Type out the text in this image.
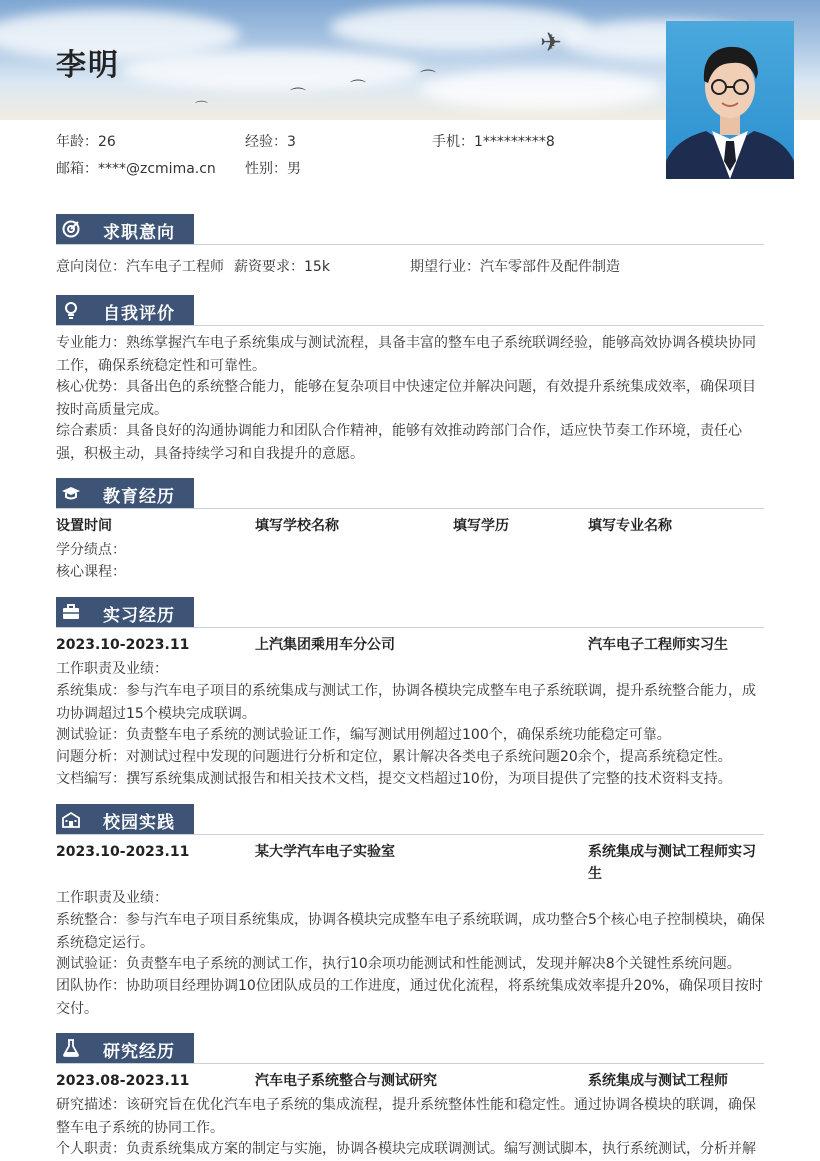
✈
⌒
⌒
⌒
⌒
李明
年龄：26	经验：3	手机：1*********8
邮箱：****@zcmima.cn 性别：男
求职意向
意向岗位：汽车电子工程师 薪资要求：15k	期望行业：汽车零部件及配件制造
自我评价
专业能力：熟练掌握汽车电子系统集成与测试流程，具备丰富的整车电子系统联调经验，能够高效协调各模块协同工作，确保系统稳定性和可靠性。
核心优势：具备出色的系统整合能力，能够在复杂项目中快速定位并解决问题，有效提升系统集成效率，确保项目按时高质量完成。
综合素质：具备良好的沟通协调能力和团队合作精神，能够有效推动跨部门合作，适应快节奏工作环境，责任心强，积极主动，具备持续学习和自我提升的意愿。
教育经历
设置时间	填写学校名称	填写学历	填写专业名称
学分绩点：
核心课程：
实习经历
2023.10-2023.11	上汽集团乘用车分公司	汽车电子工程师实习生
工作职责及业绩：
系统集成：参与汽车电子项目的系统集成与测试工作，协调各模块完成整车电子系统联调，提升系统整合能力，成功协调超过15个模块完成联调。
测试验证：负责整车电子系统的测试验证工作，编写测试用例超过100个，确保系统功能稳定可靠。
问题分析：对测试过程中发现的问题进行分析和定位，累计解决各类电子系统问题20余个，提高系统稳定性。
文档编写：撰写系统集成测试报告和相关技术文档，提交文档超过10份，为项目提供了完整的技术资料支持。
校园实践
2023.10-2023.11	某大学汽车电子实验室	系统集成与测试工程师实习生
工作职责及业绩：
系统整合：参与汽车电子项目系统集成，协调各模块完成整车电子系统联调，成功整合5个核心电子控制模块，确保系统稳定运行。
测试验证：负责整车电子系统的测试工作，执行10余项功能测试和性能测试，发现并解决8个关键性系统问题。
团队协作：协助项目经理协调10位团队成员的工作进度，通过优化流程，将系统集成效率提升20%，确保项目按时交付。
研究经历
2023.08-2023.11	汽车电子系统整合与测试研究	系统集成与测试工程师
研究描述：该研究旨在优化汽车电子系统的集成流程，提升系统整体性能和稳定性。通过协调各模块的联调，确保整车电子系统的协同工作。
个人职责：负责系统集成方案的制定与实施，协调各模块完成联调测试。编写测试脚本，执行系统测试，分析并解
